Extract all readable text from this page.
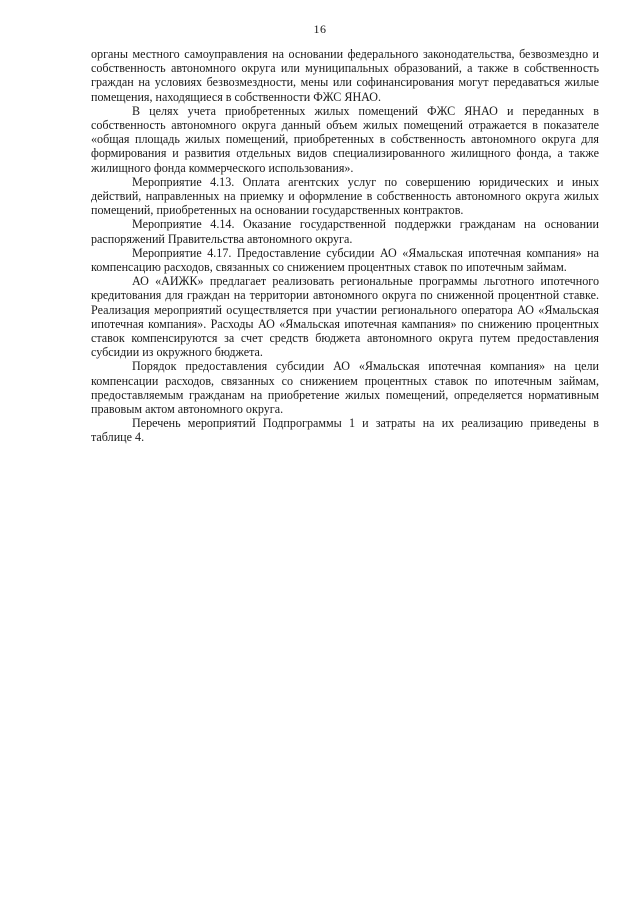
16

органы местного самоуправления на основании федерального законодательства, безвозмездно и собственность автономного округа или муниципальных образований, а также в собственность граждан на условиях безвозмездности, мены или софинансирования могут передаваться жилые помещения, находящиеся в собственности ФЖС ЯНАО.

В целях учета приобретенных жилых помещений ФЖС ЯНАО и переданных в собственность автономного округа данный объем жилых помещений отражается в показателе «общая площадь жилых помещений, приобретенных в собственность автономного округа для формирования и развития отдельных видов специализированного жилищного фонда, а также жилищного фонда коммерческого использования».

Мероприятие 4.13. Оплата агентских услуг по совершению юридических и иных действий, направленных на приемку и оформление в собственность автономного округа жилых помещений, приобретенных на основании государственных контрактов.

Мероприятие 4.14. Оказание государственной поддержки гражданам на основании распоряжений Правительства автономного округа.

Мероприятие 4.17. Предоставление субсидии АО «Ямальская ипотечная компания» на компенсацию расходов, связанных со снижением процентных ставок по ипотечным займам.

АО «АИЖК» предлагает реализовать региональные программы льготного ипотечного кредитования для граждан на территории автономного округа по сниженной процентной ставке. Реализация мероприятий осуществляется при участии регионального оператора АО «Ямальская ипотечная компания». Расходы АО «Ямальская ипотечная кампания» по снижению процентных ставок компенсируются за счет средств бюджета автономного округа путем предоставления субсидии из окружного бюджета.

Порядок предоставления субсидии АО «Ямальская ипотечная компания» на цели компенсации расходов, связанных со снижением процентных ставок по ипотечным займам, предоставляемым гражданам на приобретение жилых помещений, определяется нормативным правовым актом автономного округа.

Перечень мероприятий Подпрограммы 1 и затраты на их реализацию приведены в таблице 4.
